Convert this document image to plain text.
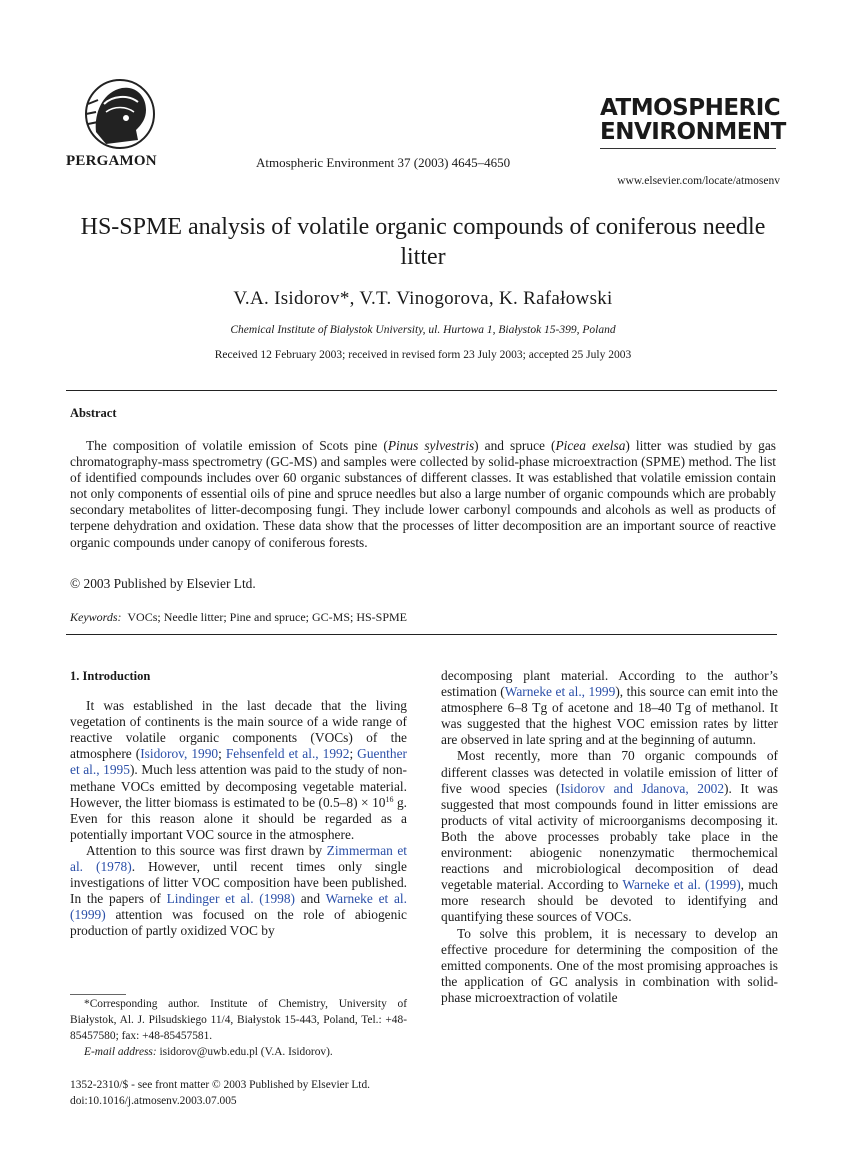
PERGAMON	Atmospheric Environment 37 (2003) 4645–4650
ATMOSPHERIC
ENVIRONMENT
www.elsevier.com/locate/atmosenv
HS-SPME analysis of volatile organic compounds of coniferous needle litter
V.A. Isidorov*, V.T. Vinogorova, K. Rafałowski
Chemical Institute of Białystok University, ul. Hurtowa 1, Białystok 15-399, Poland
Received 12 February 2003; received in revised form 23 July 2003; accepted 25 July 2003
Abstract
The composition of volatile emission of Scots pine (Pinus sylvestris) and spruce (Picea exelsa) litter was studied by gas chromatography-mass spectrometry (GC-MS) and samples were collected by solid-phase microextraction (SPME) method. The list of identified compounds includes over 60 organic substances of different classes. It was established that volatile emission contain not only components of essential oils of pine and spruce needles but also a large number of organic compounds which are probably secondary metabolites of litter-decomposing fungi. They include lower carbonyl compounds and alcohols as well as products of terpene dehydration and oxidation. These data show that the processes of litter decomposition are an important source of reactive organic compounds under canopy of coniferous forests.
© 2003 Published by Elsevier Ltd.
Keywords: VOCs; Needle litter; Pine and spruce; GC-MS; HS-SPME

1. Introduction

It was established in the last decade that the living vegetation of continents is the main source of a wide range of reactive volatile organic components (VOCs) of the atmosphere (Isidorov, 1990; Fehsenfeld et al., 1992; Guenther et al., 1995). Much less attention was paid to the study of non-methane VOCs emitted by decomposing vegetable material. However, the litter biomass is estimated to be $(0.5-8) \times 10^{16}$ g. Even for this reason alone it should be regarded as a potentially important VOC source in the atmosphere.

Attention to this source was first drawn by Zimmerman et al. (1978). However, until recent times only single investigations of litter VOC composition have been published. In the papers of Lindinger et al. (1998) and Warneke et al. (1999) attention was focused on the role of abiogenic production of partly oxidized VOC by

*Corresponding author. Institute of Chemistry, University of Białystok, Al. J. Pilsudskiego 11/4, Białystok 15-443, Poland, Tel.: +48-85457580; fax: +48-85457581.

E-mail address: isidorov@uwb.edu.pl (V.A. Isidorov).

1352-2310/$ - see front matter © 2003 Published by Elsevier Ltd.
doi:10.1016/j.atmosenv.2003.07.005

decomposing plant material. According to the author’s estimation (Warneke et al., 1999), this source can emit into the atmosphere 6–8 Tg of acetone and 18–40 Tg of methanol. It was suggested that the highest VOC emission rates by litter are observed in late spring and at the beginning of autumn.

Most recently, more than 70 organic compounds of different classes was detected in volatile emission of litter of five wood species (Isidorov and Jdanova, 2002). It was suggested that most compounds found in litter emissions are products of vital activity of microorganisms decomposing it. Both the above processes probably take place in the environment: abiogenic nonenzymatic thermochemical reactions and microbiological decomposition of dead vegetable material. According to Warneke et al. (1999), much more research should be devoted to identifying and quantifying these sources of VOCs.

To solve this problem, it is necessary to develop an effective procedure for determining the composition of the emitted components. One of the most promising approaches is the application of GC analysis in combination with solid-phase microextraction of volatile
